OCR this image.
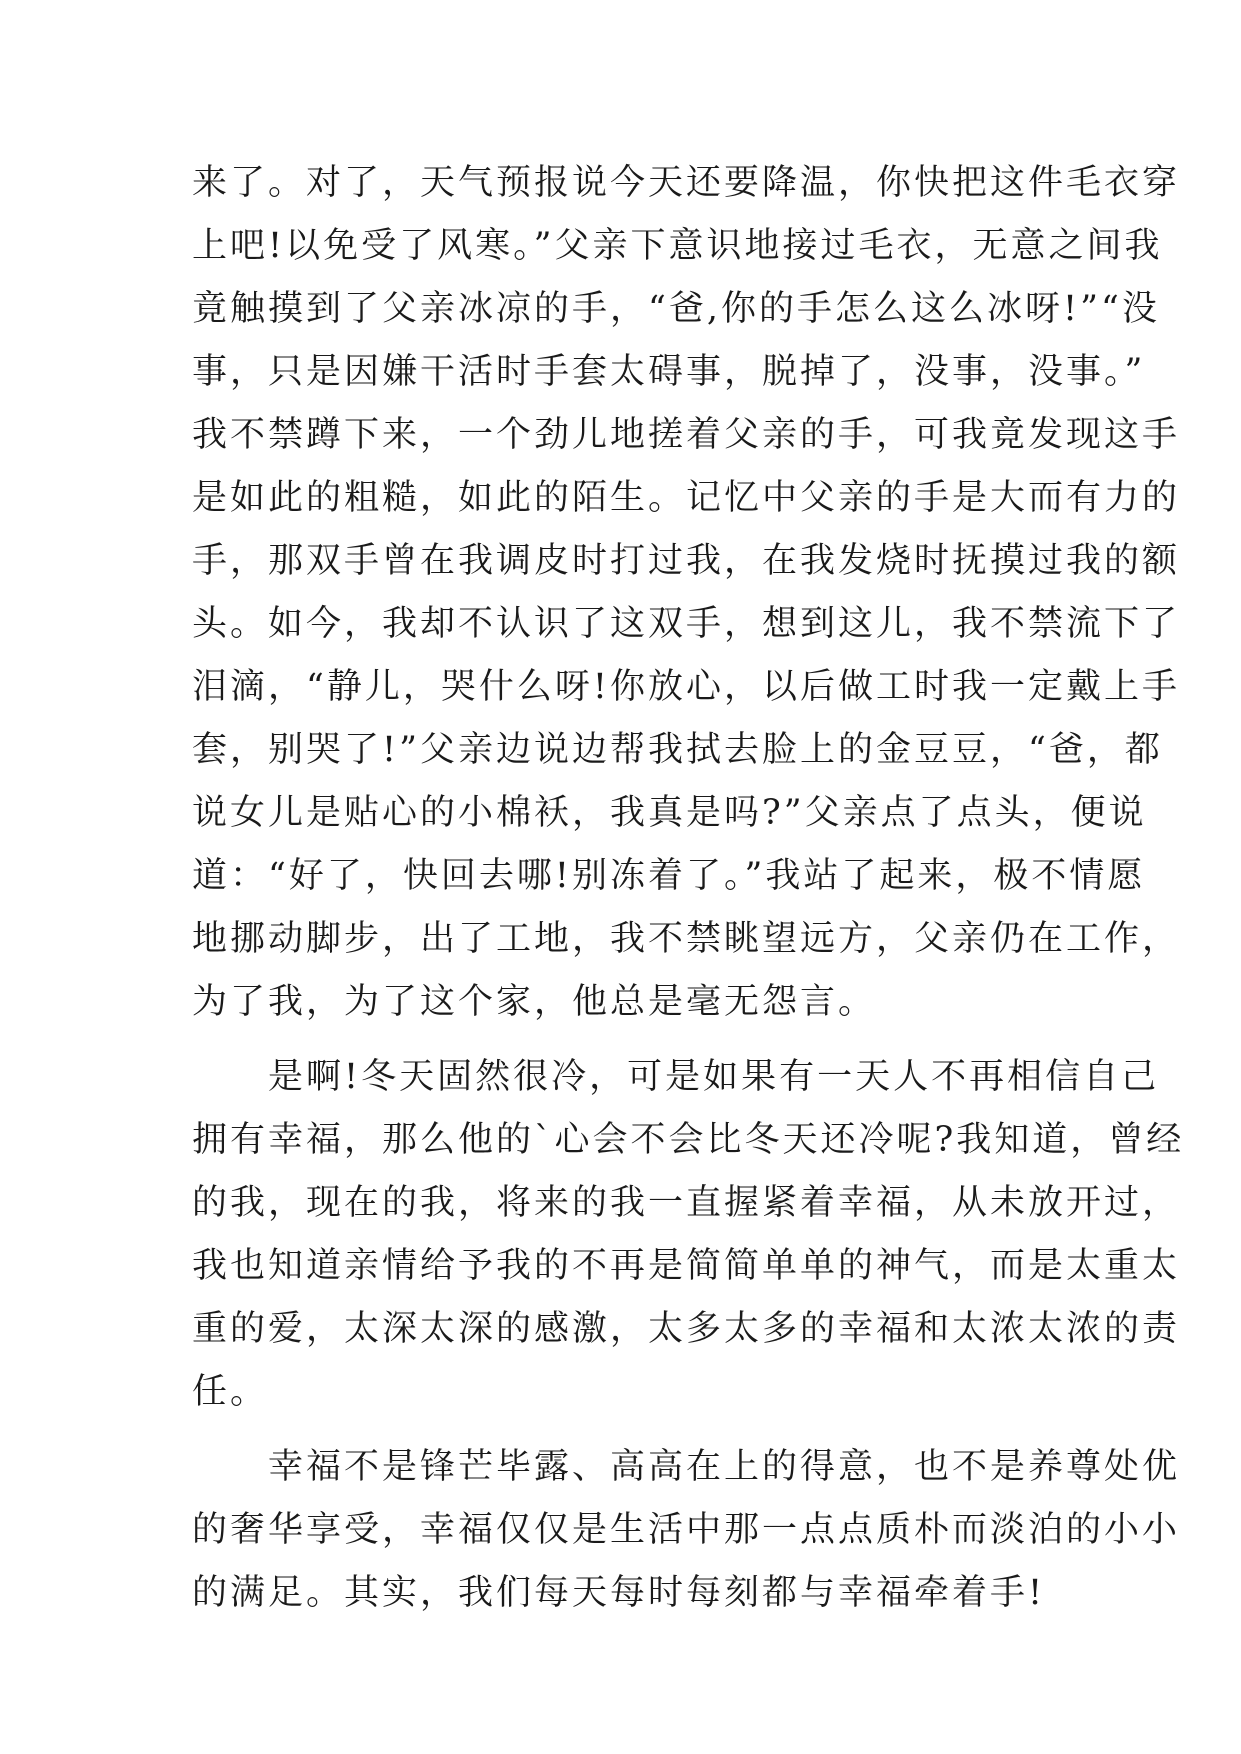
来了。对了，天气预报说今天还要降温，你快把这件毛衣穿
上吧!以免受了风寒。”父亲下意识地接过毛衣，无意之间我
竟触摸到了父亲冰凉的手，“爸,你的手怎么这么冰呀!”“没
事，只是因嫌干活时手套太碍事，脱掉了，没事，没事。”
我不禁蹲下来，一个劲儿地搓着父亲的手，可我竟发现这手
是如此的粗糙，如此的陌生。记忆中父亲的手是大而有力的
手，那双手曾在我调皮时打过我，在我发烧时抚摸过我的额
头。如今，我却不认识了这双手，想到这儿，我不禁流下了
泪滴，“静儿，哭什么呀!你放心，以后做工时我一定戴上手
套，别哭了!”父亲边说边帮我拭去脸上的金豆豆，“爸，都
说女儿是贴心的小棉袄，我真是吗?”父亲点了点头，便说
道：“好了，快回去哪!别冻着了。”我站了起来，极不情愿
地挪动脚步，出了工地，我不禁眺望远方，父亲仍在工作，
为了我，为了这个家，他总是毫无怨言。
　　是啊!冬天固然很冷，可是如果有一天人不再相信自己
拥有幸福，那么他的`心会不会比冬天还冷呢?我知道，曾经
的我，现在的我，将来的我一直握紧着幸福，从未放开过，
我也知道亲情给予我的不再是简简单单的神气，而是太重太
重的爱，太深太深的感激，太多太多的幸福和太浓太浓的责
任。
　　幸福不是锋芒毕露、高高在上的得意，也不是养尊处优
的奢华享受，幸福仅仅是生活中那一点点质朴而淡泊的小小
的满足。其实，我们每天每时每刻都与幸福牵着手!
